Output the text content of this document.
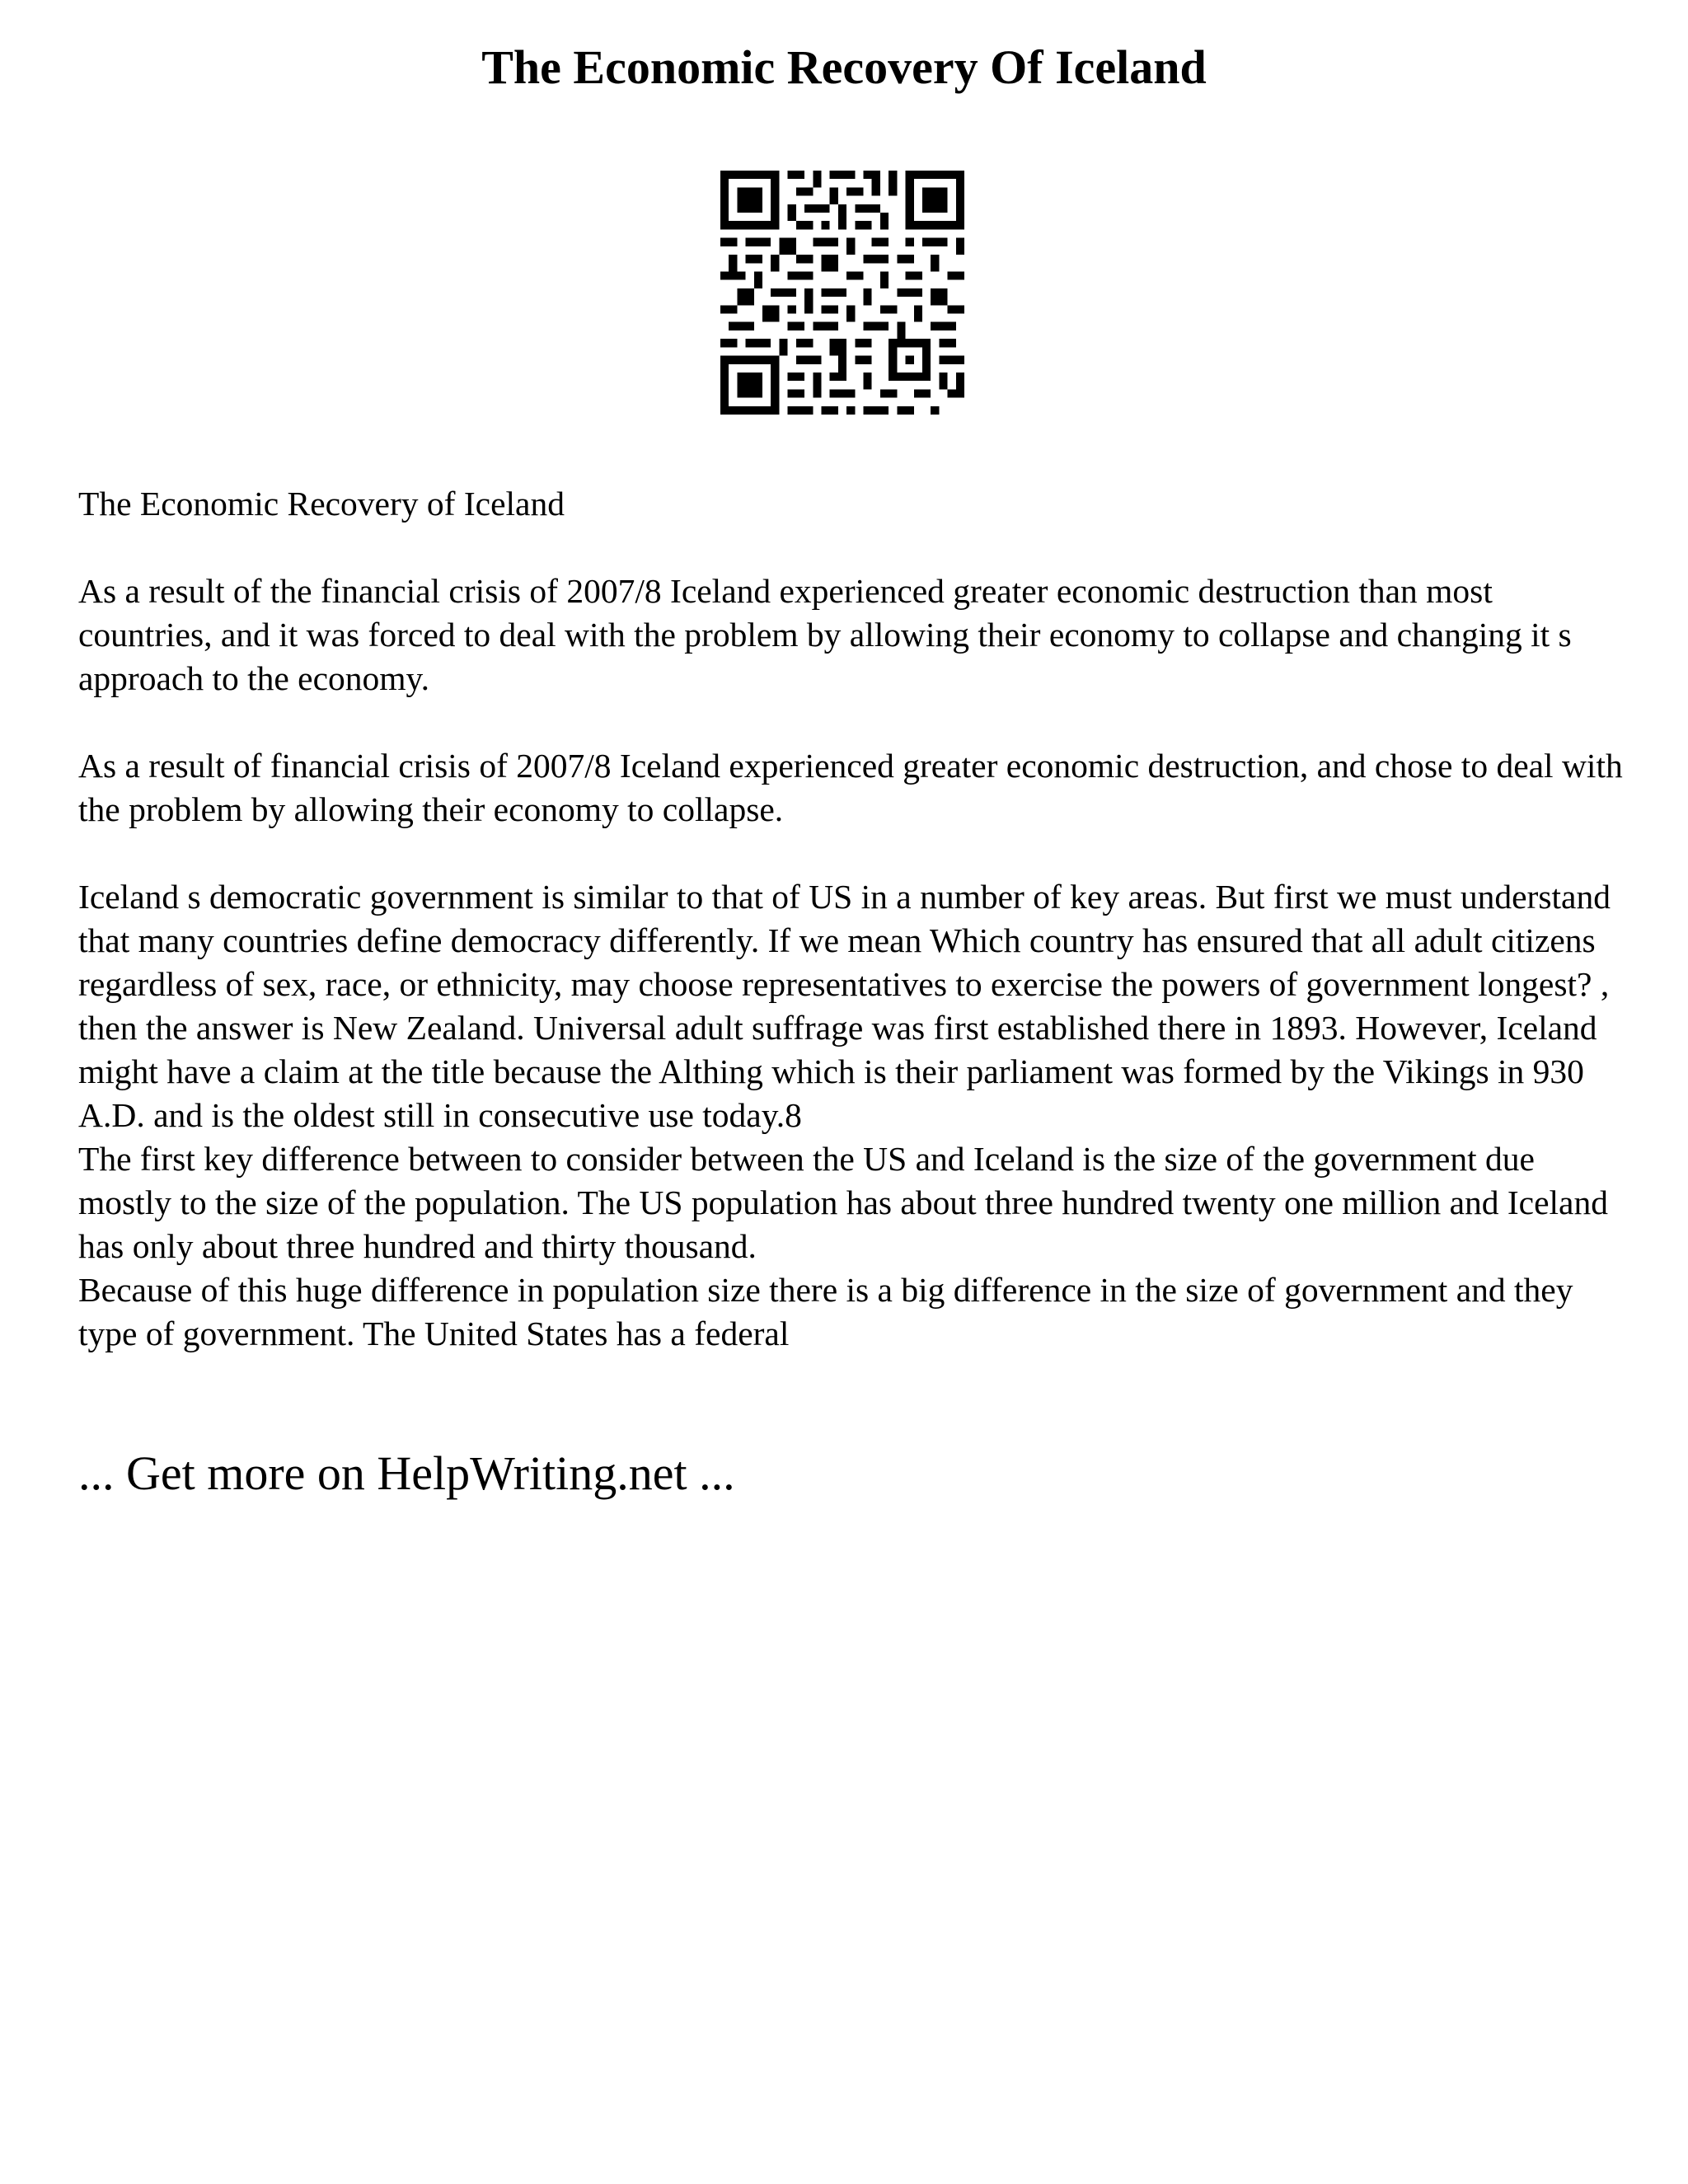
The Economic Recovery Of Iceland

The Economic Recovery of Iceland

As a result of the financial crisis of 2007/8 Iceland experienced greater economic destruction than most countries, and it was forced to deal with the problem by allowing their economy to collapse and changing it s approach to the economy.

As a result of financial crisis of 2007/8 Iceland experienced greater economic destruction, and chose to deal with the problem by allowing their economy to collapse.

Iceland s democratic government is similar to that of US in a number of key areas. But first we must understand that many countries define democracy differently. If we mean Which country has ensured that all adult citizens regardless of sex, race, or ethnicity, may choose representatives to exercise the powers of government longest? , then the answer is New Zealand. Universal adult suffrage was first established there in 1893. However, Iceland might have a claim at the title because the Althing which is their parliament was formed by the Vikings in 930 A.D. and is the oldest still in consecutive use today.8

The first key difference between to consider between the US and Iceland is the size of the government due mostly to the size of the population. The US population has about three hundred twenty one million and Iceland has only about three hundred and thirty thousand.

Because of this huge difference in population size there is a big difference in the size of government and they type of government. The United States has a federal

... Get more on HelpWriting.net ...
